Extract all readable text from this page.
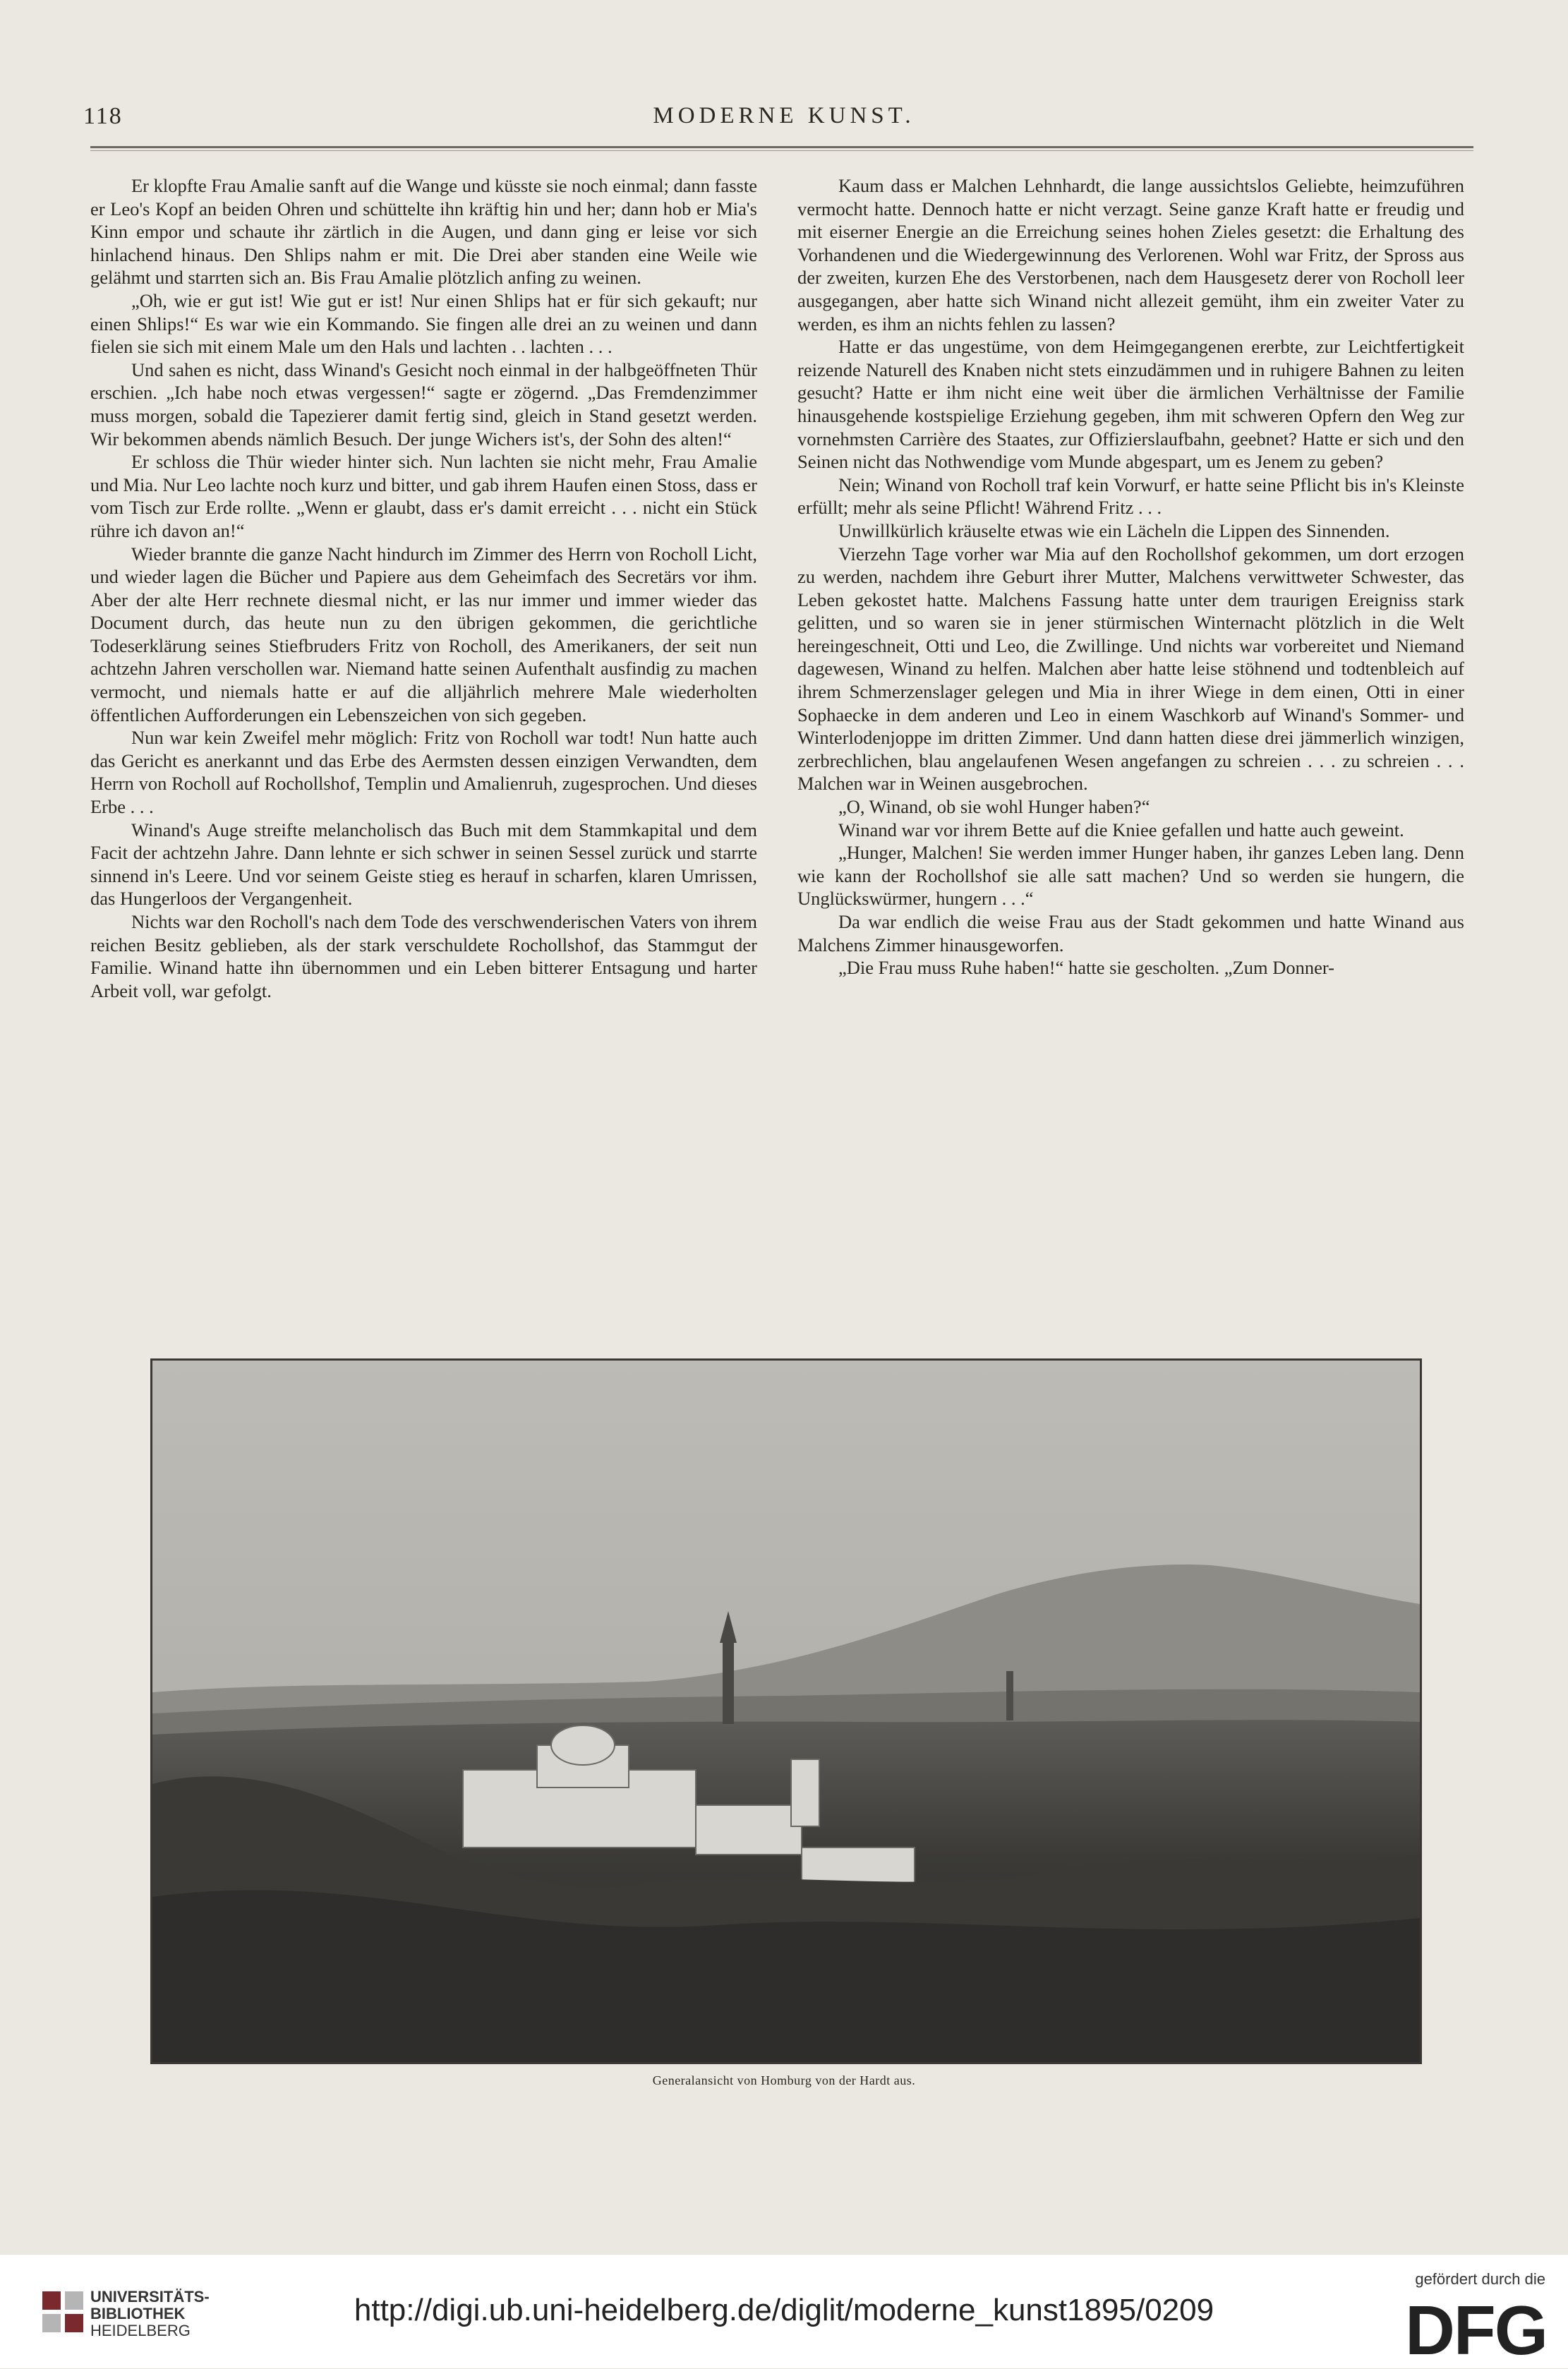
118	MODERNE KUNST.

Er klopfte Frau Amalie sanft auf die Wange und küsste sie noch einmal; dann fasste er Leo's Kopf an beiden Ohren und schüttelte ihn kräftig hin und her; dann hob er Mia's Kinn empor und schaute ihr zärtlich in die Augen, und dann ging er leise vor sich hinlachend hinaus. Den Shlips nahm er mit. Die Drei aber standen eine Weile wie gelähmt und starrten sich an. Bis Frau Amalie plötzlich anfing zu weinen.

„Oh, wie er gut ist! Wie gut er ist! Nur einen Shlips hat er für sich gekauft; nur einen Shlips!“ Es war wie ein Kommando. Sie fingen alle drei an zu weinen und dann fielen sie sich mit einem Male um den Hals und lachten . . lachten . . .

Und sahen es nicht, dass Winand's Gesicht noch einmal in der halbgeöffneten Thür erschien. „Ich habe noch etwas vergessen!“ sagte er zögernd. „Das Fremdenzimmer muss morgen, sobald die Tapezierer damit fertig sind, gleich in Stand gesetzt werden. Wir bekommen abends nämlich Besuch. Der junge Wichers ist's, der Sohn des alten!“

Er schloss die Thür wieder hinter sich. Nun lachten sie nicht mehr, Frau Amalie und Mia. Nur Leo lachte noch kurz und bitter, und gab ihrem Haufen einen Stoss, dass er vom Tisch zur Erde rollte. „Wenn er glaubt, dass er's damit erreicht . . . nicht ein Stück rühre ich davon an!“

Wieder brannte die ganze Nacht hindurch im Zimmer des Herrn von Rocholl Licht, und wieder lagen die Bücher und Papiere aus dem Geheimfach des Secretärs vor ihm. Aber der alte Herr rechnete diesmal nicht, er las nur immer und immer wieder das Document durch, das heute nun zu den übrigen gekommen, die gerichtliche Todeserklärung seines Stiefbruders Fritz von Rocholl, des Amerikaners, der seit nun achtzehn Jahren verschollen war. Niemand hatte seinen Aufenthalt ausfindig zu machen vermocht, und niemals hatte er auf die alljährlich mehrere Male wiederholten öffentlichen Aufforderungen ein Lebenszeichen von sich gegeben.

Nun war kein Zweifel mehr möglich: Fritz von Rocholl war todt! Nun hatte auch das Gericht es anerkannt und das Erbe des Aermsten dessen einzigen Verwandten, dem Herrn von Rocholl auf Rochollshof, Templin und Amalienruh, zugesprochen. Und dieses Erbe . . .

Winand's Auge streifte melancholisch das Buch mit dem Stammkapital und dem Facit der achtzehn Jahre. Dann lehnte er sich schwer in seinen Sessel zurück und starrte sinnend in's Leere. Und vor seinem Geiste stieg es herauf in scharfen, klaren Umrissen, das Hungerloos der Vergangenheit.

Nichts war den Rocholl's nach dem Tode des verschwenderischen Vaters von ihrem reichen Besitz geblieben, als der stark verschuldete Rochollshof, das Stammgut der Familie. Winand hatte ihn übernommen und ein Leben bitterer Entsagung und harter Arbeit voll, war gefolgt.

Kaum dass er Malchen Lehnhardt, die lange aussichtslos Geliebte, heimzuführen vermocht hatte. Dennoch hatte er nicht verzagt. Seine ganze Kraft hatte er freudig und mit eiserner Energie an die Erreichung seines hohen Zieles gesetzt: die Erhaltung des Vorhandenen und die Wiedergewinnung des Verlorenen. Wohl war Fritz, der Spross aus der zweiten, kurzen Ehe des Verstorbenen, nach dem Hausgesetz derer von Rocholl leer ausgegangen, aber hatte sich Winand nicht allezeit gemüht, ihm ein zweiter Vater zu werden, es ihm an nichts fehlen zu lassen?

Hatte er das ungestüme, von dem Heimgegangenen ererbte, zur Leichtfertigkeit reizende Naturell des Knaben nicht stets einzudämmen und in ruhigere Bahnen zu leiten gesucht? Hatte er ihm nicht eine weit über die ärmlichen Verhältnisse der Familie hinausgehende kostspielige Erziehung gegeben, ihm mit schweren Opfern den Weg zur vornehmsten Carrière des Staates, zur Offizierslaufbahn, geebnet? Hatte er sich und den Seinen nicht das Nothwendige vom Munde abgespart, um es Jenem zu geben?

Nein; Winand von Rocholl traf kein Vorwurf, er hatte seine Pflicht bis in's Kleinste erfüllt; mehr als seine Pflicht! Während Fritz . . .

Unwillkürlich kräuselte etwas wie ein Lächeln die Lippen des Sinnenden.

Vierzehn Tage vorher war Mia auf den Rochollshof gekommen, um dort erzogen zu werden, nachdem ihre Geburt ihrer Mutter, Malchens verwittweter Schwester, das Leben gekostet hatte. Malchens Fassung hatte unter dem traurigen Ereigniss stark gelitten, und so waren sie in jener stürmischen Winternacht plötzlich in die Welt hereingeschneit, Otti und Leo, die Zwillinge. Und nichts war vorbereitet und Niemand dagewesen, Winand zu helfen. Malchen aber hatte leise stöhnend und todtenbleich auf ihrem Schmerzenslager gelegen und Mia in ihrer Wiege in dem einen, Otti in einer Sophaecke in dem anderen und Leo in einem Waschkorb auf Winand's Sommer- und Winterlodenjoppe im dritten Zimmer. Und dann hatten diese drei jämmerlich winzigen, zerbrechlichen, blau angelaufenen Wesen angefangen zu schreien . . . zu schreien . . . Malchen war in Weinen ausgebrochen.

„O, Winand, ob sie wohl Hunger haben?“

Winand war vor ihrem Bette auf die Kniee gefallen und hatte auch geweint.

„Hunger, Malchen! Sie werden immer Hunger haben, ihr ganzes Leben lang. Denn wie kann der Rochollshof sie alle satt machen? Und so werden sie hungern, die Unglückswürmer, hungern . . .“

Da war endlich die weise Frau aus der Stadt gekommen und hatte Winand aus Malchens Zimmer hinausgeworfen.

„Die Frau muss Ruhe haben!“ hatte sie gescholten. „Zum Donner-

Generalansicht von Homburg von der Hardt aus.
UNIVERSITÄTS-
BIBLIOTHEK
HEIDELBERG
http://digi.ub.uni-heidelberg.de/diglit/moderne_kunst1895/0209
gefördert durch die
DFG
